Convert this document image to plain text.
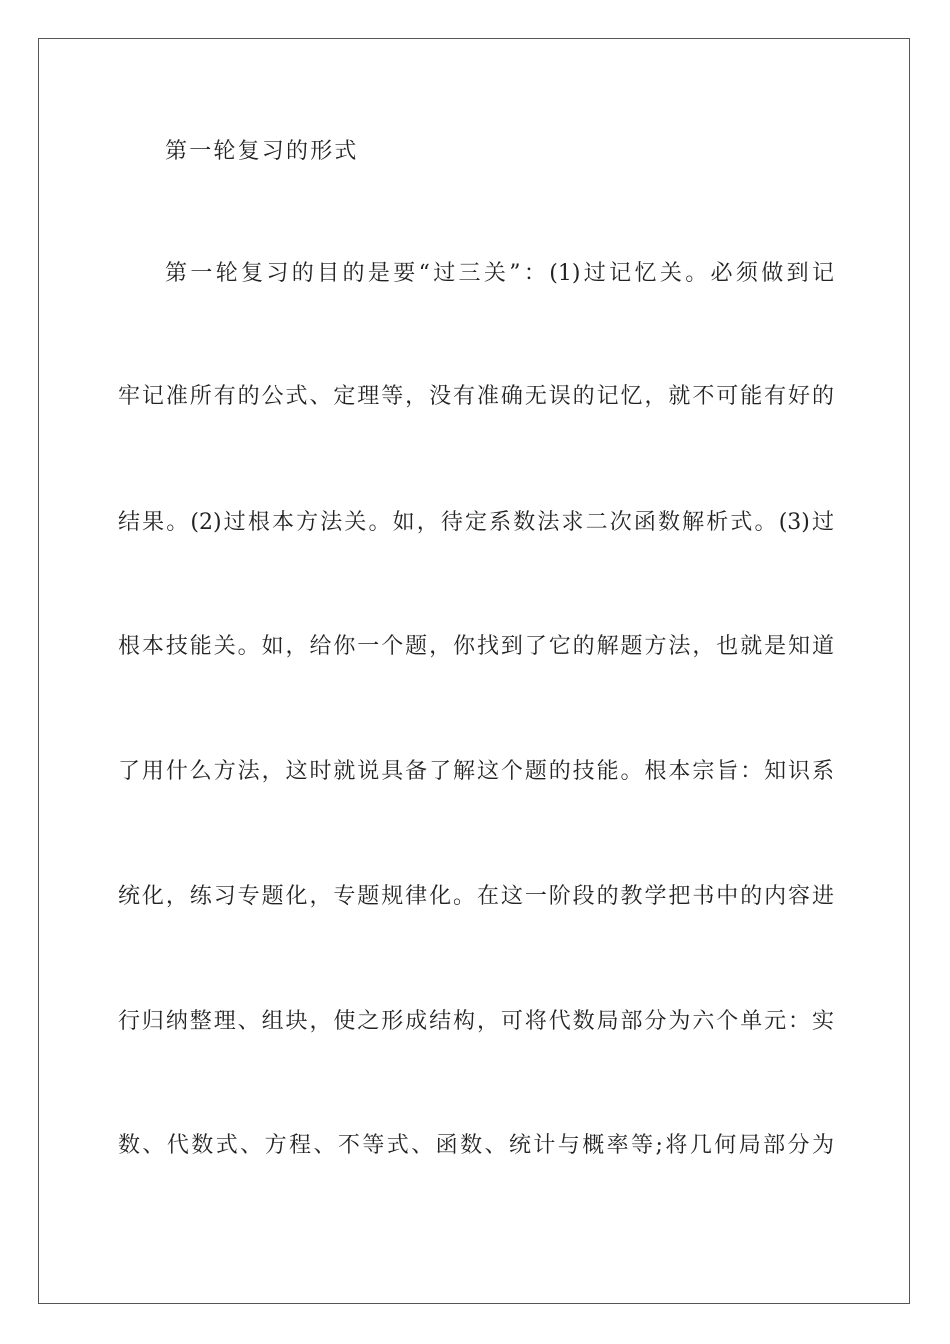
第一轮复习的形式
第一轮复习的目的是要“过三关”：(1)过记忆关。必须做到记
牢记准所有的公式、定理等，没有准确无误的记忆，就不可能有好的
结果。(2)过根本方法关。如，待定系数法求二次函数解析式。(3)过
根本技能关。如，给你一个题，你找到了它的解题方法，也就是知道
了用什么方法，这时就说具备了解这个题的技能。根本宗旨：知识系
统化，练习专题化，专题规律化。在这一阶段的教学把书中的内容进
行归纳整理、组块，使之形成结构，可将代数局部分为六个单元：实
数、代数式、方程、不等式、函数、统计与概率等;将几何局部分为
